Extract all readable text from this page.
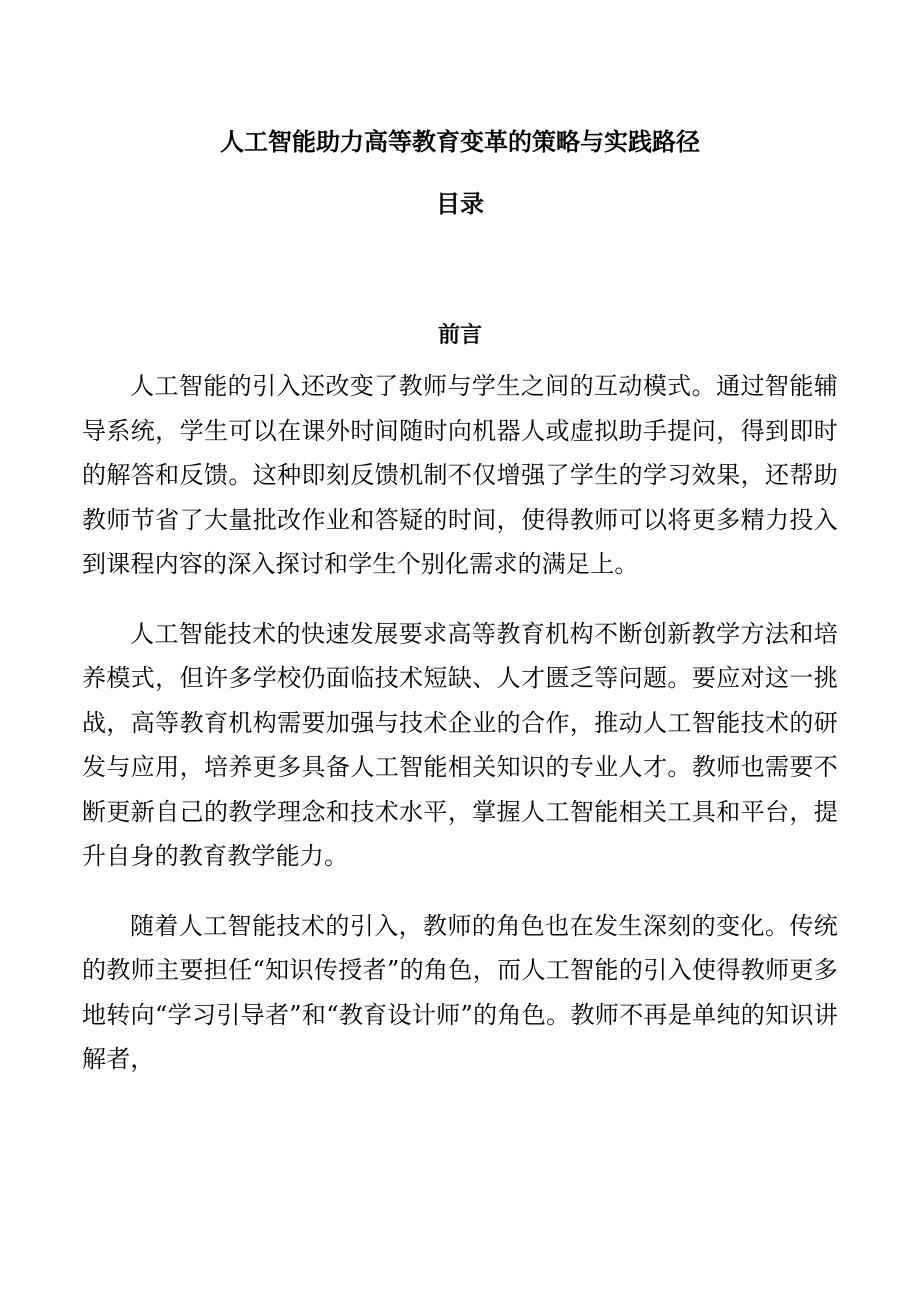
人工智能助力高等教育变革的策略与实践路径
目录
前言

人工智能的引入还改变了教师与学生之间的互动模式。通过智能辅导系统，学生可以在课外时间随时向机器人或虚拟助手提问，得到即时的解答和反馈。这种即刻反馈机制不仅增强了学生的学习效果，还帮助教师节省了大量批改作业和答疑的时间，使得教师可以将更多精力投入到课程内容的深入探讨和学生个别化需求的满足上。

人工智能技术的快速发展要求高等教育机构不断创新教学方法和培养模式，但许多学校仍面临技术短缺、人才匮乏等问题。要应对这一挑战，高等教育机构需要加强与技术企业的合作，推动人工智能技术的研发与应用，培养更多具备人工智能相关知识的专业人才。教师也需要不断更新自己的教学理念和技术水平，掌握人工智能相关工具和平台，提升自身的教育教学能力。

随着人工智能技术的引入，教师的角色也在发生深刻的变化。传统的教师主要担任“知识传授者”的角色，而人工智能的引入使得教师更多地转向“学习引导者”和“教育设计师”的角色。教师不再是单纯的知识讲解者，
